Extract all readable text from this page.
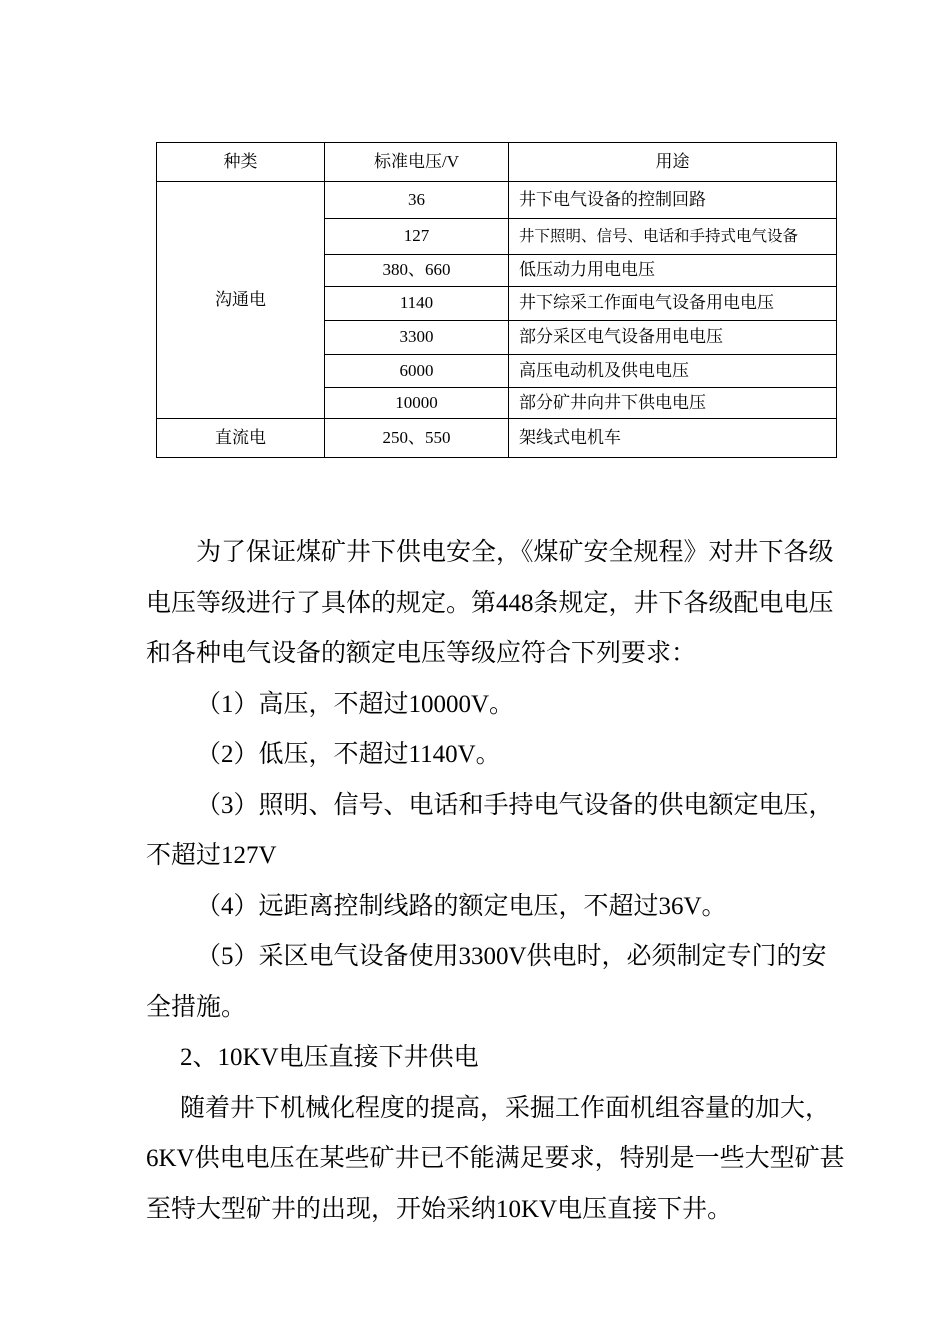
种类	标准电压/V	用途
沟通电	36	井下电气设备的控制回路
	127	井下照明、信号、电话和手持式电气设备
	380、660	低压动力用电电压
	1140	井下综采工作面电气设备用电电压
	3300	部分采区电气设备用电电压
	6000	高压电动机及供电电压
	10000	部分矿井向井下供电电压
直流电	250、550	架线式电机车

为了保证煤矿井下供电安全，《煤矿安全规程》对井下各级电压等级进行了具体的规定。第448条规定，井下各级配电电压和各种电气设备的额定电压等级应符合下列要求：

（1）高压，不超过10000V。

（2）低压，不超过1140V。

（3）照明、信号、电话和手持电气设备的供电额定电压，不超过127V

（4）远距离控制线路的额定电压，不超过36V。

（5）采区电气设备使用3300V供电时，必须制定专门的安全措施。

2、10KV电压直接下井供电

随着井下机械化程度的提高，采掘工作面机组容量的加大，6KV供电电压在某些矿井已不能满足要求，特别是一些大型矿甚至特大型矿井的出现，开始采纳10KV电压直接下井。
